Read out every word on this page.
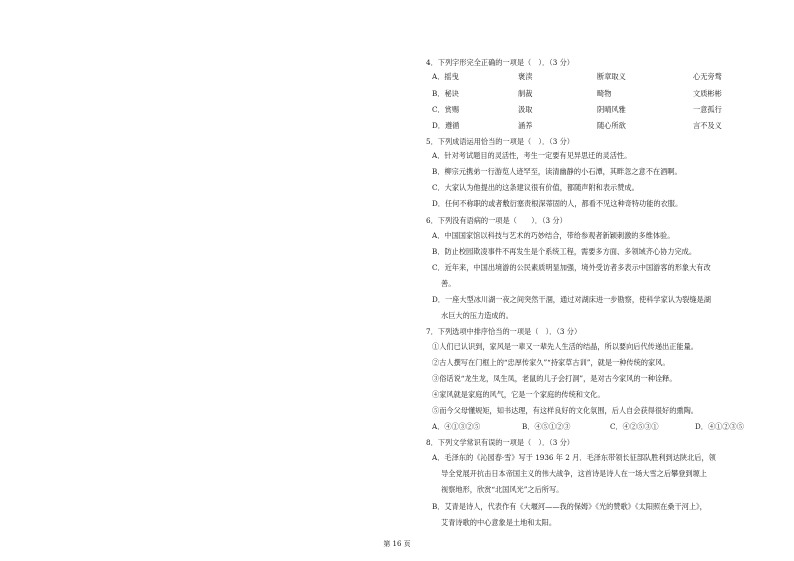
4．下列字形完全正确的一项是（　）．（3 分）
A．摇曳	褒渎	断章取义	心无旁骛
B．秘诀	制裁	畸物	文质彬彬
C．赏赐	汲取	阴晴风雅	一意孤行
D．遵循	涵养	随心所欲	言不及义
5．下列成语运用恰当的一项是（　）．（3 分）
A．针对考试题目的灵活性，考生一定要有见异思迁的灵活性。
B．柳宗元携弟一行游览人迹罕至，读清幽静的小石潭，其畔忽之意不在酒啊。
C．大家认为他提出的这条建议很有价值，都随声附和表示赞成。
D．任何不称职的或者敷衍塞责根深蒂固的人，都看不见这种奇特功能的衣服。
6．下列没有语病的一项是（　　）．（3 分）
A．中国国家馆以科技与艺术的巧妙结合，带给参观者新颖刺激的多维体验。
B．防止校园欺凌事件不再发生是个系统工程，需要多方面、多领域齐心协力完成。
C．近年来，中国出境游的公民素质明显加强，境外受访者多表示中国游客的形象大有改
善。
D．一座大型冰川湖一夜之间突然干涸，通过对湖床进一步勘察，使科学家认为裂缝是湖
水巨大的压力造成的。
7．下列选项中排序恰当的一项是（　）．（3 分）
①人们已认识到，家风是一辈又一辈先人生活的结晶，所以要向后代传递出正能量。
②古人撰写在门框上的“忠厚传家久”“持家草古训”，就是一种传统的家风。
③俗话说“龙生龙，凤生凤，老鼠的儿子会打洞”，是对古今家风的一种诠释。
④家风就是家庭的风气，它是一个家庭的传统和文化。
⑤而今父母懂规矩，知书达理，有这样良好的文化氛围，后人自会获得很好的熏陶。
A．④①③②⑤	B．④⑤①②③	C．④②⑤③①	D．④①②③⑤
8．下列文学常识有误的一项是（　）．（3 分）
A．毛泽东的《沁园春·雪》写于 1936 年 2 月．毛泽东带领长征部队胜利到达陕北后，领
导全党展开抗击日本帝国主义的伟大战争，这首诗是诗人在一场大雪之后攀登到塬上
视察地形，欣赏“北国风光”之后所写。
B．艾青是诗人，代表作有《大堰河——我的保姆》《光的赞歌》《太阳照在桑干河上》，
艾青诗歌的中心意象是土地和太阳。
第 16 页
